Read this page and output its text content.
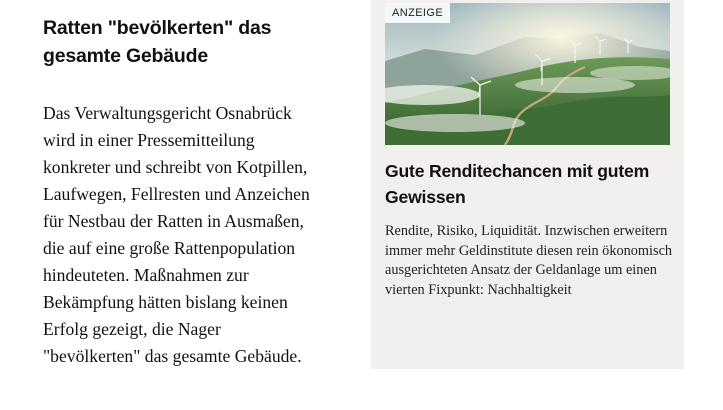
Ratten "bevölkerten" das gesamte Gebäude

Das Verwaltungsgericht Osnabrück wird in einer Pressemitteilung konkreter und schreibt von Kotpillen, Laufwegen, Fellresten und Anzeichen für Nestbau der Ratten in Ausmaßen, die auf eine große Rattenpopulation hindeuteten. Maßnahmen zur Bekämpfung hätten bislang keinen Erfolg gezeigt, die Nager "bevölkerten" das gesamte Gebäude.

ANZEIGE
Gute Renditechancen mit gutem Gewissen

Rendite, Risiko, Liquidität. Inzwischen erweitern immer mehr Geldinstitute diesen rein ökonomisch ausgerichteten Ansatz der Geldanlage um einen vierten Fixpunkt: Nachhaltigkeit
